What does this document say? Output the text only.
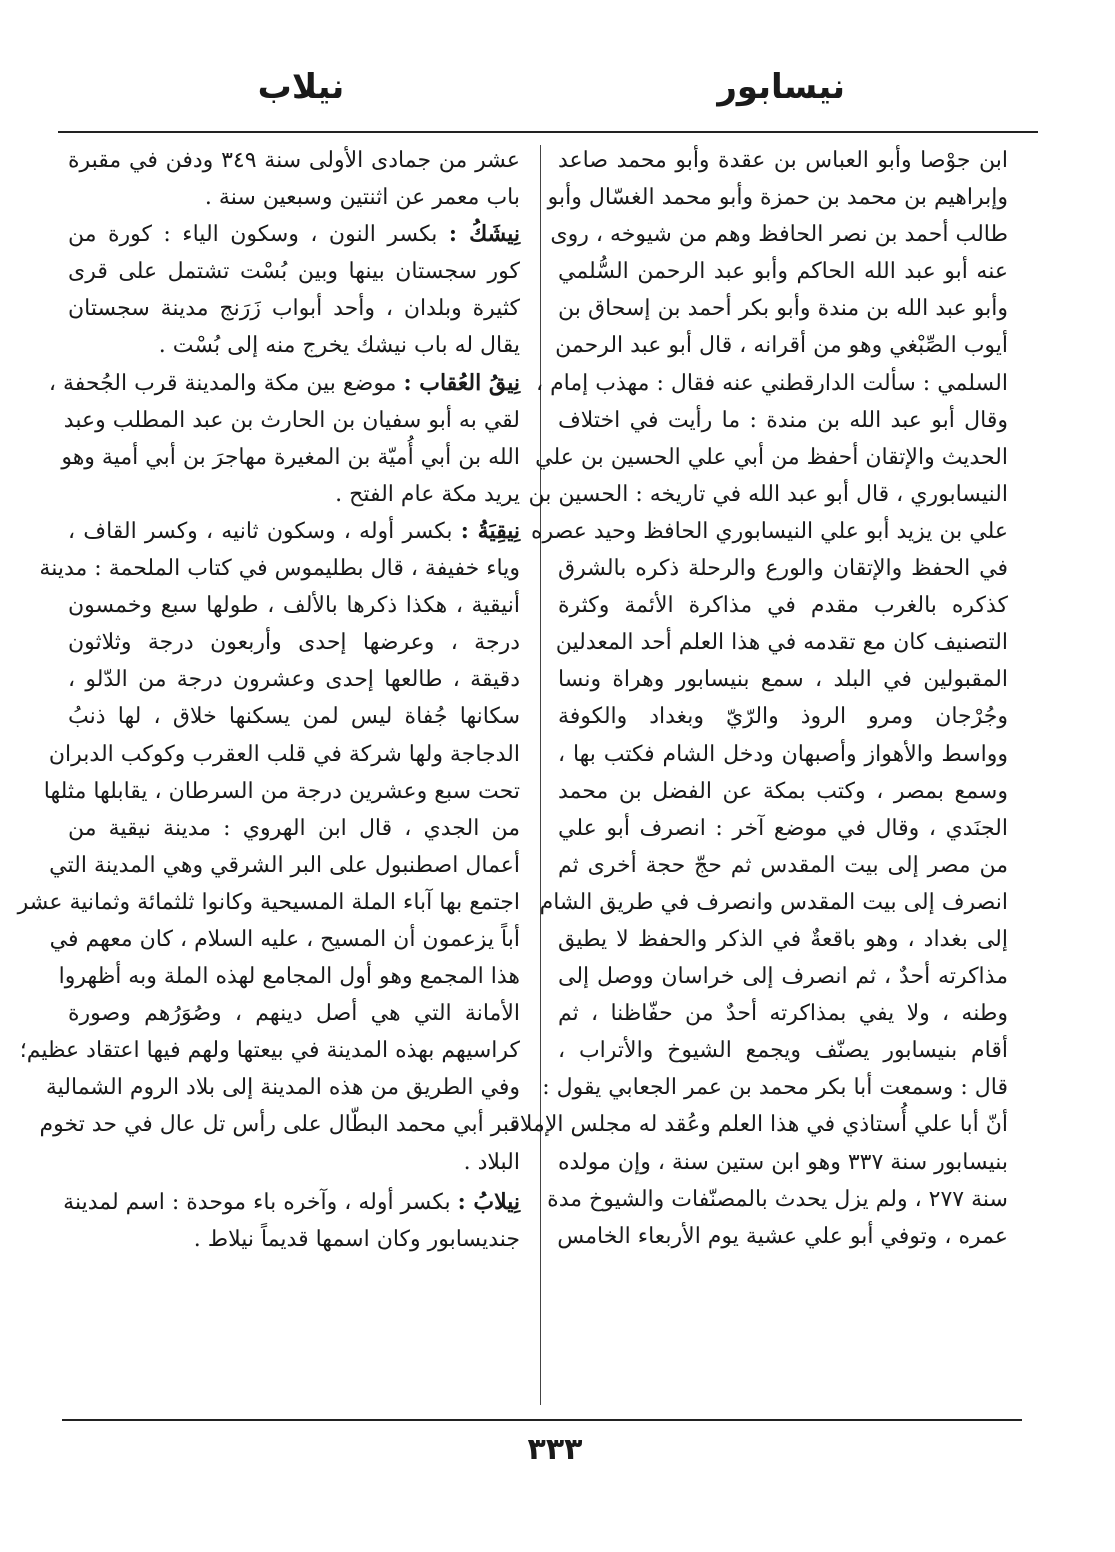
نيسابور
نيلاب
ابن جوْصا وأبو العباس بن عقدة وأبو محمد صاعد
وإبراهيم بن محمد بن حمزة وأبو محمد الغسّال وأبو
طالب أحمد بن نصر الحافظ وهم من شيوخه ، روى
عنه أبو عبد الله الحاكم وأبو عبد الرحمن السُّلمي
وأبو عبد الله بن مندة وأبو بكر أحمد بن إسحاق بن
أيوب الصِّبْغي وهو من أقرانه ، قال أبو عبد الرحمن
السلمي : سألت الدارقطني عنه فقال : مهذب إمام ،
وقال أبو عبد الله بن مندة : ما رأيت في اختلاف
الحديث والإتقان أحفظ من أبي علي الحسين بن علي
النيسابوري ، قال أبو عبد الله في تاريخه : الحسين بن
علي بن يزيد أبو علي النيسابوري الحافظ وحيد عصره
في الحفظ والإتقان والورع والرحلة ذكره بالشرق
كذكره بالغرب مقدم في مذاكرة الأئمة وكثرة
التصنيف كان مع تقدمه في هذا العلم أحد المعدلين
المقبولين في البلد ، سمع بنيسابور وهراة ونسا
وجُرْجان ومرو الروذ والرّيّ وبغداد والكوفة
وواسط والأهواز وأصبهان ودخل الشام فكتب بها ،
وسمع بمصر ، وكتب بمكة عن الفضل بن محمد
الجنَدي ، وقال في موضع آخر : انصرف أبو علي
من مصر إلى بيت المقدس ثم حجّ حجة أخرى ثم
انصرف إلى بيت المقدس وانصرف في طريق الشام
إلى بغداد ، وهو باقعةٌ في الذكر والحفظ لا يطيق
مذاكرته أحدٌ ، ثم انصرف إلى خراسان ووصل إلى
وطنه ، ولا يفي بمذاكرته أحدٌ من حفّاظنا ، ثم
أقام بنيسابور يصنّف ويجمع الشيوخ والأتراب ،
قال : وسمعت أبا بكر محمد بن عمر الجعابي يقول :
أنّ أبا علي أُستاذي في هذا العلم وعُقد له مجلس الإملاء
بنيسابور سنة ٣٣٧ وهو ابن ستين سنة ، وإن مولده
سنة ٢٧٧ ، ولم يزل يحدث بالمصنّفات والشيوخ مدة
عمره ، وتوفي أبو علي عشية يوم الأربعاء الخامس
عشر من جمادى الأولى سنة ٣٤٩ ودفن في مقبرة
باب معمر عن اثنتين وسبعين سنة .
نِيشَكُ : بكسر النون ، وسكون الياء : كورة من
كور سجستان بينها وبين بُسْت تشتمل على قرى
كثيرة وبلدان ، وأحد أبواب زَرَنج مدينة سجستان
يقال له باب نيشك يخرج منه إلى بُسْت .
نِيقُ العُقاب : موضع بين مكة والمدينة قرب الجُحفة ،
لقي به أبو سفيان بن الحارث بن عبد المطلب وعبد
الله بن أبي أُميّة بن المغيرة مهاجرَ بن أبي أمية وهو
يريد مكة عام الفتح .
نِيقِيَةُ : بكسر أوله ، وسكون ثانيه ، وكسر القاف ،
وياء خفيفة ، قال بطليموس في كتاب الملحمة : مدينة
أنيقية ، هكذا ذكرها بالألف ، طولها سبع وخمسون
درجة ، وعرضها إحدى وأربعون درجة وثلاثون
دقيقة ، طالعها إحدى وعشرون درجة من الدّلو ،
سكانها جُفاة ليس لمن يسكنها خلاق ، لها ذنبُ
الدجاجة ولها شركة في قلب العقرب وكوكب الدبران
تحت سبع وعشرين درجة من السرطان ، يقابلها مثلها
من الجدي ، قال ابن الهروي : مدينة نيقية من
أعمال اصطنبول على البر الشرقي وهي المدينة التي
اجتمع بها آباء الملة المسيحية وكانوا ثلثمائة وثمانية عشر
أباً يزعمون أن المسيح ، عليه السلام ، كان معهم في
هذا المجمع وهو أول المجامع لهذه الملة وبه أظهروا
الأمانة التي هي أصل دينهم ، وصُوَرُهم وصورة
كراسيهم بهذه المدينة في بيعتها ولهم فيها اعتقاد عظيم؛
وفي الطريق من هذه المدينة إلى بلاد الروم الشمالية
قبر أبي محمد البطّال على رأس تل عال في حد تخوم
البلاد .
نِيلابُ : بكسر أوله ، وآخره باء موحدة : اسم لمدينة
جنديسابور وكان اسمها قديماً نيلاط .
٣٣٣
